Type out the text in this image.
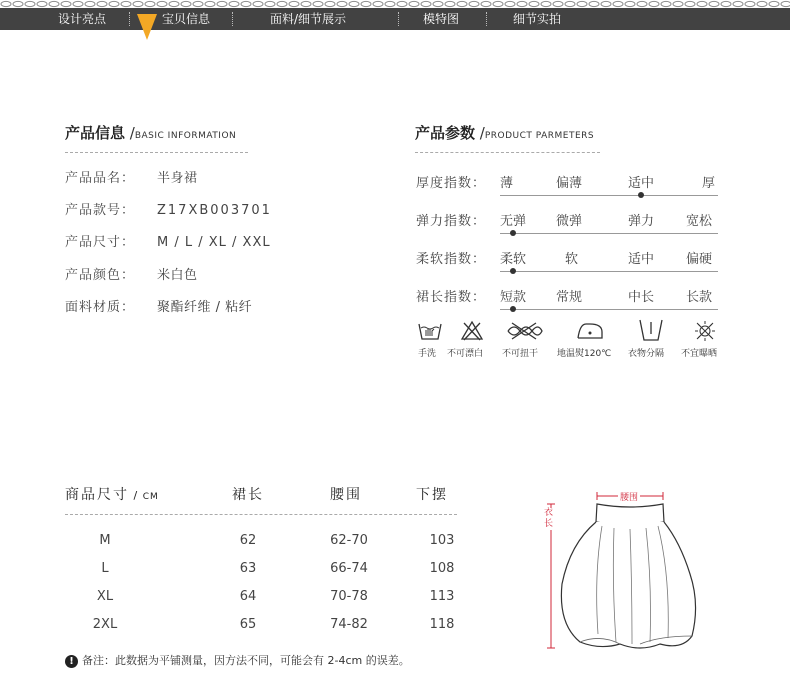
设计亮点	宝贝信息	面料/细节展示	模特图	细节实拍
产品信息 /BASIC INFORMATION
产品品名： 半身裙
产品款号： Z17XB003701
产品尺寸： M / L / XL / XXL
产品颜色： 米白色
面料材质： 聚酯纤维 / 粘纤
产品参数 /PRODUCT PARMETERS
厚度指数： 薄	偏薄	适中	厚
弹力指数： 无弹 微弹	弹力 宽松
柔软指数： 柔软	软	适中 偏硬
裙长指数： 短款 常规	中长 长款
手洗 不可漂白 不可扭干 地温熨120℃ 衣物分隔 不宜曝晒
商品尺寸 / CM	裙长	腰围	下摆
M	62	62-70	103
L	63	66-74	108
XL	64	70-78	113
2XL	65	74-82	118
! 备注：此数据为平铺测量，因方法不同，可能会有 2-4cm 的误差。
腰围
衣长
